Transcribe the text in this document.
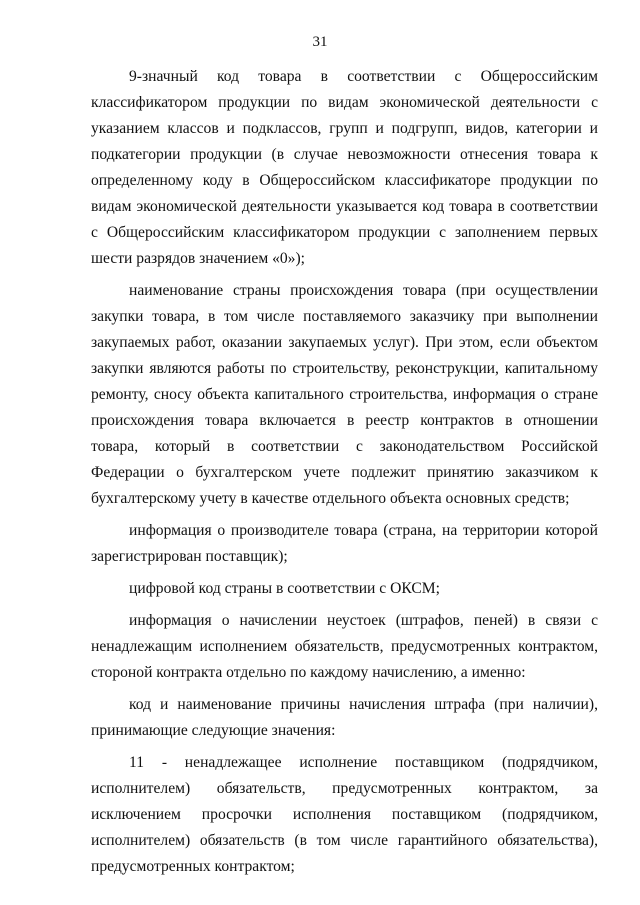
31

9-значный код товара в соответствии с Общероссийским классификатором продукции по видам экономической деятельности с указанием классов и подклассов, групп и подгрупп, видов, категории и подкатегории продукции (в случае невозможности отнесения товара к определенному коду в Общероссийском классификаторе продукции по видам экономической деятельности указывается код товара в соответствии с Общероссийским классификатором продукции с заполнением первых шести разрядов значением «0»);

наименование страны происхождения товара (при осуществлении закупки товара, в том числе поставляемого заказчику при выполнении закупаемых работ, оказании закупаемых услуг). При этом, если объектом закупки являются работы по строительству, реконструкции, капитальному ремонту, сносу объекта капитального строительства, информация о стране происхождения товара включается в реестр контрактов в отношении товара, который в соответствии с законодательством Российской Федерации о бухгалтерском учете подлежит принятию заказчиком к бухгалтерскому учету в качестве отдельного объекта основных средств;

информация о производителе товара (страна, на территории которой зарегистрирован поставщик);

цифровой код страны в соответствии с ОКСМ;

информация о начислении неустоек (штрафов, пеней) в связи с ненадлежащим исполнением обязательств, предусмотренных контрактом, стороной контракта отдельно по каждому начислению, а именно:

код и наименование причины начисления штрафа (при наличии), принимающие следующие значения:

11 - ненадлежащее исполнение поставщиком (подрядчиком, исполнителем) обязательств, предусмотренных контрактом, за исключением просрочки исполнения поставщиком (подрядчиком, исполнителем) обязательств (в том числе гарантийного обязательства), предусмотренных контрактом;
